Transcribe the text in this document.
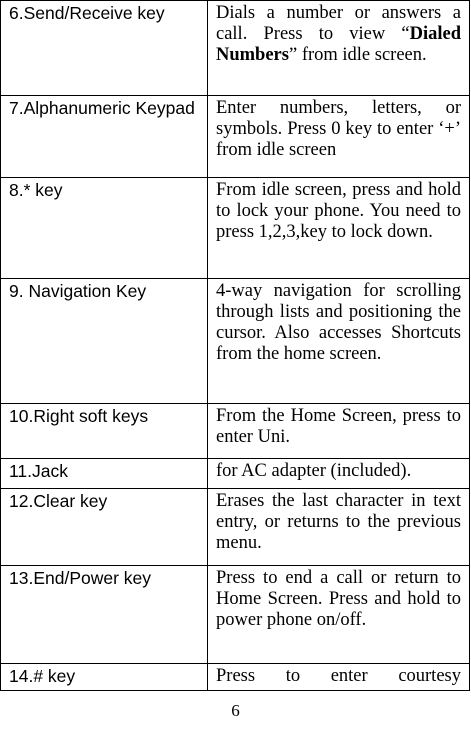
6.Send/Receive key	Dials a number or answers a call. Press to view “Dialed Numbers” from idle screen.
7.Alphanumeric Keypad	Enter numbers, letters, or symbols. Press 0 key to enter ‘+’ from idle screen
8.* key	From idle screen, press and hold to lock your phone. You need to press 1,2,3,key to lock down.
9. Navigation Key	4-way navigation for scrolling through lists and positioning the cursor. Also accesses Shortcuts from the home screen.
10.Right soft keys	From the Home Screen, press to enter Uni.
11.Jack	for AC adapter (included).
12.Clear key	Erases the last character in text entry, or returns to the previous menu.
13.End/Power key	Press to end a call or return to Home Screen. Press and hold to power phone on/off.
14.# key	Press to enter courtesy
6
